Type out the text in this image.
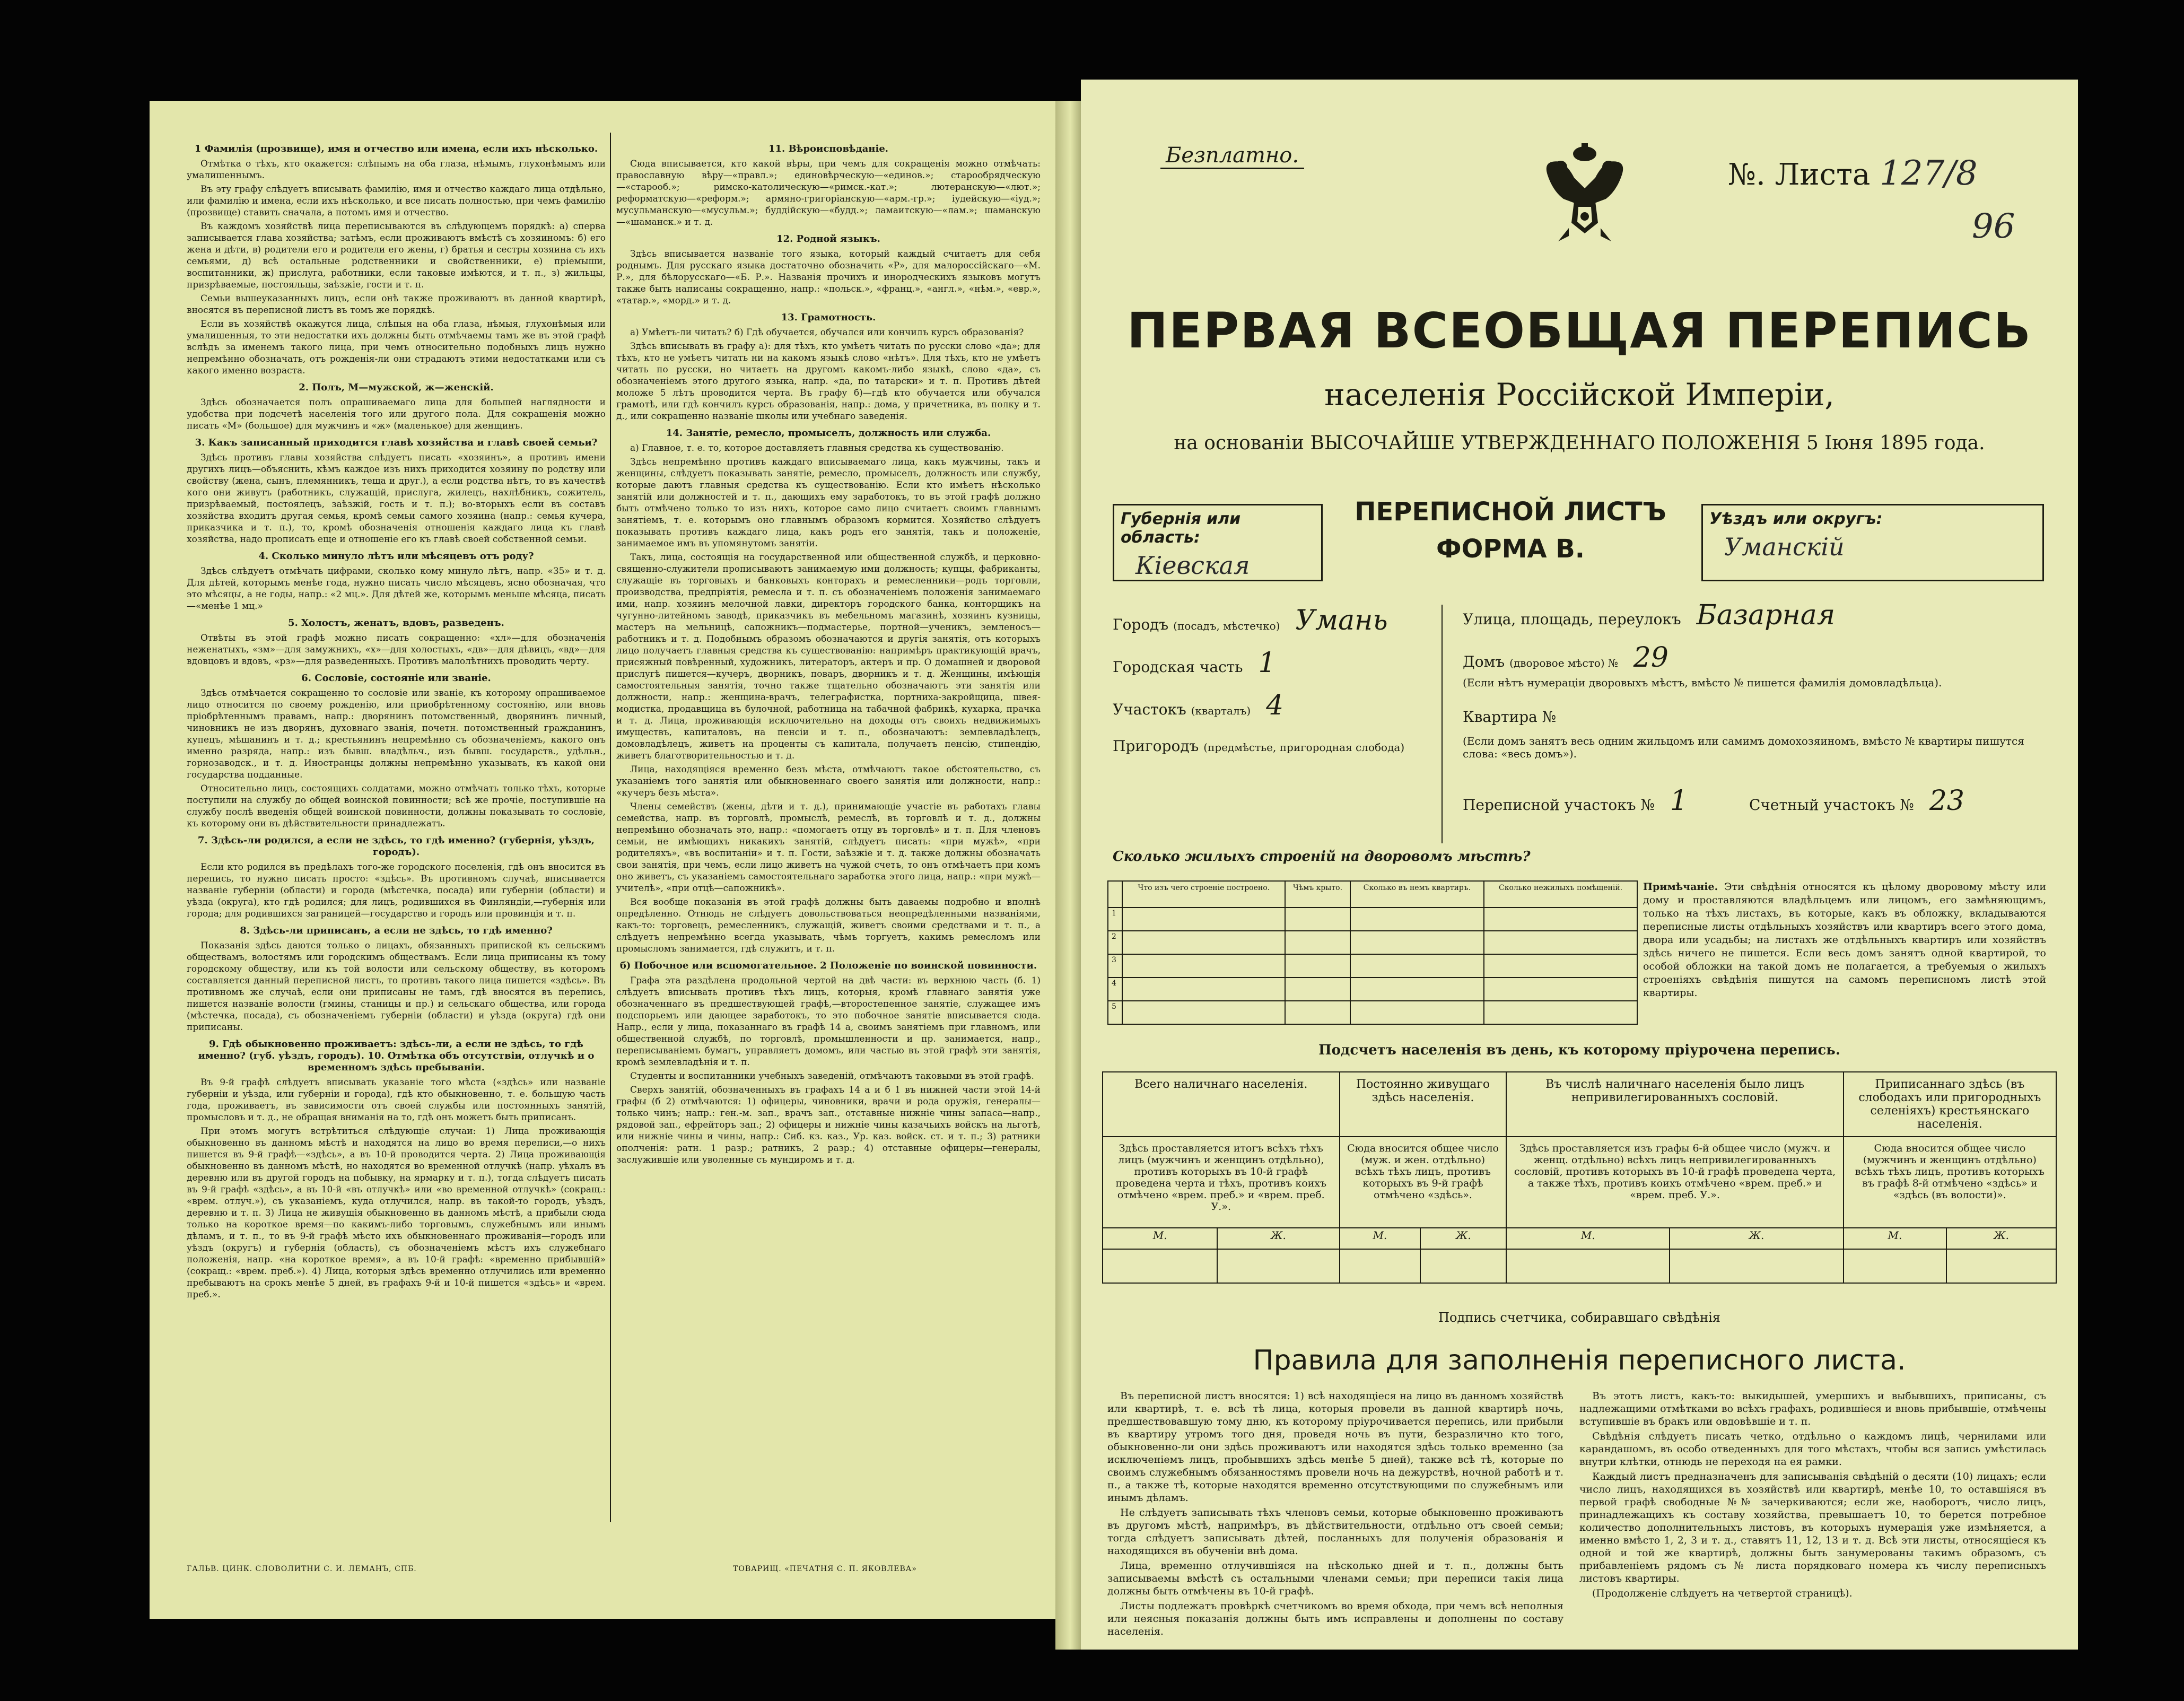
1 Фамилія (прозвище), имя и отчество или имена, если ихъ нѣсколько.

Отмѣтка о тѣхъ, кто окажется: слѣпымъ на оба глаза, нѣмымъ, глухонѣмымъ или умалишеннымъ.

Въ эту графу слѣдуетъ вписывать фамилію, имя и отчество каждаго лица отдѣльно, или фамилію и имена, если ихъ нѣсколько, и все писать полностью, при чемъ фамилію (прозвище) ставить сначала, а потомъ имя и отчество.

Въ каждомъ хозяйствѣ лица переписываются въ слѣдующемъ порядкѣ: а) сперва записывается глава хозяйства; затѣмъ, если проживаютъ вмѣстѣ съ хозяиномъ: б) его жена и дѣти, в) родители его и родители его жены, г) братья и сестры хозяина съ ихъ семьями, д) всѣ остальные родственники и свойственники, е) пріемыши, воспитанники, ж) прислуга, работники, если таковые имѣются, и т. п., з) жильцы, призрѣваемые, постояльцы, заѣзжіе, гости и т. п.

Семьи вышеуказанныхъ лицъ, если онѣ также проживаютъ въ данной квартирѣ, вносятся въ переписной листъ въ томъ же порядкѣ.

Если въ хозяйствѣ окажутся лица, слѣпыя на оба глаза, нѣмыя, глухонѣмыя или умалишенныя, то эти недостатки ихъ должны быть отмѣчаемы тамъ же въ этой графѣ вслѣдъ за именемъ такого лица, при чемъ относительно подобныхъ лицъ нужно непремѣнно обозначать, отъ рожденія-ли они страдаютъ этими недостатками или съ какого именно возраста.

2. Полъ, М—мужской, ж—женскій.

Здѣсь обозначается полъ опрашиваемаго лица для большей наглядности и удобства при подсчетѣ населенія того или другого пола. Для сокращенія можно писать «М» (большое) для мужчинъ и «ж» (маленькое) для женщинъ.

3. Какъ записанный приходится главѣ хозяйства и главѣ своей семьи?

Здѣсь противъ главы хозяйства слѣдуетъ писать «хозяинъ», а противъ имени другихъ лицъ—объяснить, кѣмъ каждое изъ нихъ приходится хозяину по родству или свойству (жена, сынъ, племянникъ, теща и друг.), а если родства нѣтъ, то въ качествѣ кого они живутъ (работникъ, служащій, прислуга, жилецъ, нахлѣбникъ, сожитель, призрѣваемый, постоялецъ, заѣзжій, гость и т. п.); во-вторыхъ если въ составъ хозяйства входитъ другая семья, кромѣ семьи самого хозяина (напр.: семья кучера, приказчика и т. п.), то, кромѣ обозначенія отношенія каждаго лица къ главѣ хозяйства, надо прописать еще и отношеніе его къ главѣ своей собственной семьи.

4. Сколько минуло лѣтъ или мѣсяцевъ отъ роду?

Здѣсь слѣдуетъ отмѣчать цифрами, сколько кому минуло лѣтъ, напр. «35» и т. д. Для дѣтей, которымъ менѣе года, нужно писать число мѣсяцевъ, ясно обозначая, что это мѣсяцы, а не годы, напр.: «2 мц.». Для дѣтей же, которымъ меньше мѣсяца, писать—«менѣе 1 мц.»

5. Холостъ, женатъ, вдовъ, разведенъ.

Отвѣты въ этой графѣ можно писать сокращенно: «хл»—для обозначенія неженатыхъ, «зм»—для замужнихъ, «х»—для холостыхъ, «дв»—для дѣвицъ, «вд»—для вдовцовъ и вдовъ, «рз»—для разведенныхъ. Противъ малолѣтнихъ проводить черту.

6. Сословіе, состояніе или званіе.

Здѣсь отмѣчается сокращенно то сословіе или званіе, къ которому опрашиваемое лицо относится по своему рожденію, или приобрѣтенному состоянію, или вновь пріобрѣтеннымъ правамъ, напр.: дворянинъ потомственный, дворянинъ личный, чиновникъ не изъ дворянъ, духовнаго званія, почетн. потомственный гражданинъ, купецъ, мѣщанинъ и т. д.; крестьянинъ непремѣнно съ обозначеніемъ, какого онъ именно разряда, напр.: изъ бывш. владѣльч., изъ бывш. государств., удѣльн., горнозаводск., и т. д. Иностранцы должны непремѣнно указывать, къ какой они государства подданные.

Относительно лицъ, состоящихъ солдатами, можно отмѣчать только тѣхъ, которые поступили на службу до общей воинской повинности; всѣ же прочіе, поступившіе на службу послѣ введенія общей воинской повинности, должны показывать то сословіе, къ которому они въ дѣйствительности принадлежатъ.

7. Здѣсь-ли родился, а если не здѣсь, то гдѣ именно? (губернія, уѣздъ, городъ).

Если кто родился въ предѣлахъ того-же городского поселенія, гдѣ онъ вносится въ перепись, то нужно писать просто: «здѣсь». Въ противномъ случаѣ, вписывается названіе губерніи (области) и города (мѣстечка, посада) или губерніи (области) и уѣзда (округа), кто гдѣ родился; для лицъ, родившихся въ Финляндіи,—губернія или города; для родившихся заграницей—государство и городъ или провинція и т. п.

8. Здѣсь-ли приписанъ, а если не здѣсь, то гдѣ именно?

Показанія здѣсь даются только о лицахъ, обязанныхъ припиской къ сельскимъ обществамъ, волостямъ или городскимъ обществамъ. Если лица приписаны къ тому городскому обществу, или къ той волости или сельскому обществу, въ которомъ составляется данный переписной листъ, то противъ такого лица пишется «здѣсь». Въ противномъ же случаѣ, если они приписаны не тамъ, гдѣ вносятся въ перепись, пишется названіе волости (гмины, станицы и пр.) и сельскаго общества, или города (мѣстечка, посада), съ обозначеніемъ губерніи (области) и уѣзда (округа) гдѣ они приписаны.

9. Гдѣ обыкновенно проживаетъ: здѣсь-ли, а если не здѣсь, то гдѣ именно? (губ. уѣздъ, городъ). 10. Отмѣтка объ отсутствіи, отлучкѣ и о временномъ здѣсь пребываніи.

Въ 9-й графѣ слѣдуетъ вписывать указаніе того мѣста («здѣсь» или названіе губерніи и уѣзда, или губерніи и города), гдѣ кто обыкновенно, т. е. большую часть года, проживаетъ, въ зависимости отъ своей службы или постоянныхъ занятій, промысловъ и т. д., не обращая вниманія на то, гдѣ онъ можетъ быть приписанъ.

При этомъ могутъ встрѣтиться слѣдующіе случаи: 1) Лица проживающія обыкновенно въ данномъ мѣстѣ и находятся на лицо во время переписи,—о нихъ пишется въ 9-й графѣ—«здѣсь», а въ 10-й проводится черта. 2) Лица проживающія обыкновенно въ данномъ мѣстѣ, но находятся во временной отлучкѣ (напр. уѣхалъ въ деревню или въ другой городъ на побывку, на ярмарку и т. п.), тогда слѣдуетъ писать въ 9-й графѣ «здѣсь», а въ 10-й «въ отлучкѣ» или «во временной отлучкѣ» (сокращ.: «врем. отлуч.»), съ указаніемъ, куда отлучился, напр. въ такой-то городъ, уѣздъ, деревню и т. п. 3) Лица не живущія обыкновенно въ данномъ мѣстѣ, а прибыли сюда только на короткое время—по какимъ-либо торговымъ, служебнымъ или инымъ дѣламъ, и т. п., то въ 9-й графѣ мѣсто ихъ обыкновеннаго проживанія—городъ или уѣздъ (округъ) и губернія (область), съ обозначеніемъ мѣстъ ихъ служебнаго положенія, напр. «на короткое время», а въ 10-й графѣ: «временно прибывшій» (сокращ.: «врем. преб.»). 4) Лица, которыя здѣсь временно отлучились или временно пребываютъ на срокъ менѣе 5 дней, въ графахъ 9-й и 10-й пишется «здѣсь» и «врем. преб.».

11. Вѣроисповѣданіе.

Сюда вписывается, кто какой вѣры, при чемъ для сокращенія можно отмѣчать: православную вѣру—«правл.»; единовѣрческую—«единов.»; старообрядческую—«старооб.»; римско-католическую—«римск.-кат.»; лютеранскую—«лют.»; реформатскую—«реформ.»; армяно-григоріанскую—«арм.-гр.»; іудейскую—«іуд.»; мусульманскую—«мусульм.»; буддійскую—«будд.»; ламаитскую—«лам.»; шаманскую—«шаманск.» и т. д.

12. Родной языкъ.

Здѣсь вписывается названіе того языка, который каждый считаетъ для себя роднымъ. Для русскаго языка достаточно обозначить «Р», для малороссійскаго—«М. Р.», для бѣлорусскаго—«Б. Р.». Названія прочихъ и инородческихъ языковъ могутъ также быть написаны сокращенно, напр.: «польск.», «франц.», «англ.», «нѣм.», «евр.», «татар.», «морд.» и т. д.

13. Грамотность.

а) Умѣетъ-ли читать? б) Гдѣ обучается, обучался или кончилъ курсъ образованія?

Здѣсь вписывать въ графу а): для тѣхъ, кто умѣетъ читать по русски слово «да»; для тѣхъ, кто не умѣетъ читать ни на какомъ языкѣ слово «нѣтъ». Для тѣхъ, кто не умѣетъ читать по русски, но читаетъ на другомъ какомъ-либо языкѣ, слово «да», съ обозначеніемъ этого другого языка, напр. «да, по татарски» и т. п. Противъ дѣтей моложе 5 лѣтъ проводится черта. Въ графу б)—гдѣ кто обучается или обучался грамотѣ, или гдѣ кончилъ курсъ образованія, напр.: дома, у причетника, въ полку и т. д., или сокращенно названіе школы или учебнаго заведенія.

14. Занятіе, ремесло, промыселъ, должность или служба.

а) Главное, т. е. то, которое доставляетъ главныя средства къ существованію.

Здѣсь непремѣнно противъ каждаго вписываемаго лица, какъ мужчины, такъ и женщины, слѣдуетъ показывать занятіе, ремесло, промыселъ, должность или службу, которые даютъ главныя средства къ существованію. Если кто имѣетъ нѣсколько занятій или должностей и т. п., дающихъ ему заработокъ, то въ этой графѣ должно быть отмѣчено только то изъ нихъ, которое само лицо считаетъ своимъ главнымъ занятіемъ, т. е. которымъ оно главнымъ образомъ кормится. Хозяйство слѣдуетъ показывать противъ каждаго лица, какъ родъ его занятія, такъ и положеніе, занимаемое имъ въ упомянутомъ занятіи.

Такъ, лица, состоящія на государственной или общественной службѣ, и церковно-священно-служители прописываютъ занимаемую ими должность; купцы, фабриканты, служащіе въ торговыхъ и банковыхъ конторахъ и ремесленники—родъ торговли, производства, предпріятія, ремесла и т. п. съ обозначеніемъ положенія занимаемаго ими, напр. хозяинъ мелочной лавки, директоръ городского банка, конторщикъ на чугунно-литейномъ заводѣ, приказчикъ въ мебельномъ магазинѣ, хозяинъ кузницы, мастеръ на мельницѣ, сапожникъ—подмастерье, портной—ученикъ, земленосъ—работникъ и т. д. Подобнымъ образомъ обозначаются и другія занятія, отъ которыхъ лицо получаетъ главныя средства къ существованію: напримѣръ практикующій врачъ, присяжный повѣренный, художникъ, литераторъ, актеръ и пр. О домашней и дворовой прислугѣ пишется—кучеръ, дворникъ, поваръ, дворникъ и т. д. Женщины, имѣющія самостоятельныя занятія, точно также тщательно обозначаютъ эти занятія или должности, напр.: женщина-врачъ, телеграфистка, портниха-закройщица, швея-модистка, продавщица въ булочной, работница на табачной фабрикѣ, кухарка, прачка и т. д. Лица, проживающія исключительно на доходы отъ своихъ недвижимыхъ имуществъ, капиталовъ, на пенсіи и т. п., обозначаютъ: землевладѣлецъ, домовладѣлецъ, живетъ на проценты съ капитала, получаетъ пенсію, стипендію, живетъ благотворительностью и т. д.

Лица, находящіяся временно безъ мѣста, отмѣчаютъ такое обстоятельство, съ указаніемъ того занятія или обыкновеннаго своего занятія или должности, напр.: «кучеръ безъ мѣста».

Члены семействъ (жены, дѣти и т. д.), принимающіе участіе въ работахъ главы семейства, напр. въ торговлѣ, промыслѣ, ремеслѣ, въ торговлѣ и т. д., должны непремѣнно обозначать это, напр.: «помогаетъ отцу въ торговлѣ» и т. п. Для членовъ семьи, не имѣющихъ никакихъ занятій, слѣдуетъ писать: «при мужѣ», «при родителяхъ», «въ воспитаніи» и т. п. Гости, заѣзжіе и т. д. также должны обозначать свои занятія, при чемъ, если лицо живетъ на чужой счетъ, то онъ отмѣчаетъ при комъ оно живетъ, съ указаніемъ самостоятельнаго заработка этого лица, напр.: «при мужѣ—учителѣ», «при отцѣ—сапожникѣ».

Вся вообще показанія въ этой графѣ должны быть даваемы подробно и вполнѣ опредѣленно. Отнюдь не слѣдуетъ довольствоваться неопредѣленными названіями, какъ-то: торговецъ, ремесленникъ, служащій, живетъ своими средствами и т. п., а слѣдуетъ непремѣнно всегда указывать, чѣмъ торгуетъ, какимъ ремесломъ или промысломъ занимается, гдѣ служитъ, и т. п.

б) Побочное или вспомогательное. 2 Положеніе по воинской повинности.

Графа эта раздѣлена продольной чертой на двѣ части: въ верхнюю часть (б. 1) слѣдуетъ вписывать противъ тѣхъ лицъ, которыя, кромѣ главнаго занятія уже обозначеннаго въ предшествующей графѣ,—второстепенное занятіе, служащее имъ подспорьемъ или дающее заработокъ, то это побочное занятіе вписывается сюда. Напр., если у лица, показаннаго въ графѣ 14 а, своимъ занятіемъ при главномъ, или общественной службѣ, по торговлѣ, промышленности и пр. занимается, напр., переписываніемъ бумагъ, управляетъ домомъ, или частью въ этой графѣ эти занятія, кромѣ землевладѣнія и т. п.

Студенты и воспитанники учебныхъ заведеній, отмѣчаютъ таковыми въ этой графѣ.

Сверхъ занятій, обозначенныхъ въ графахъ 14 а и б 1 въ нижней части этой 14-й графы (б 2) отмѣчаются: 1) офицеры, чиновники, врачи и рода оружія, генералы—только чинъ; напр.: ген.-м. зап., врачъ зап., отставные нижніе чины запаса—напр., рядовой зап., ефрейторъ зап.; 2) офицеры и нижніе чины казачьихъ войскъ на льготѣ, или нижніе чины и чины, напр.: Сиб. кз. каз., Ур. каз. войск. ст. и т. п.; 3) ратники ополченія: ратн. 1 разр.; ратникъ, 2 разр.; 4) отставные офицеры—генералы, заслужившіе или уволенные съ мундиромъ и т. д.

ГАЛЬВ. ЦИНК. СЛОВОЛИТНИ С. И. ЛЕМАНЪ, СПБ.	ТОВАРИЩ. «ПЕЧАТНЯ С. П. ЯКОВЛЕВА»
Безплатно.
№. Листа 127/8
96
ПЕРВАЯ ВСЕОБЩАЯ ПЕРЕПИСЬ
населенія Россійской Имперіи,
на основаніи ВЫСОЧАЙШЕ УТВЕРЖДЕННАГО ПОЛОЖЕНІЯ 5 Іюня 1895 года.
Губернія или область:
Кіевская
ПЕРЕПИСНОЙ ЛИСТЪ
ФОРМА В.
Уѣздъ или округъ:
Уманскій
Городъ (посадъ, мѣстечко) Умань
Городская часть 1
Участокъ (кварталъ) 4
Пригородъ (предмѣстье, пригородная слобода)
Улица, площадь, переулокъ Базарная
Домъ (дворовое мѣсто) № 29
(Если нѣтъ нумераціи дворовыхъ мѣстъ, вмѣсто № пишется фамилія домовладѣльца).
Квартира №
(Если домъ занятъ весь одним жильцомъ или самимъ домохозяиномъ, вмѣсто № квартиры пишутся слова: «весь домъ»).
Переписной участокъ № 1	Счетный участокъ № 23
Сколько жилыхъ строеній на дворовомъ мѣстѣ?
	Что изъ чего строеніе построено.	Чѣмъ крыто.	Сколько въ немъ квартиръ.	Сколько нежилыхъ помѣщеній.
1				
2				
3				
4				
5				
Примѣчаніе. Эти свѣдѣнія относятся къ цѣлому дворовому мѣсту или дому и проставляются владѣльцемъ или лицомъ, его замѣняющимъ, только на тѣхъ листахъ, въ которые, какъ въ обложку, вкладываются переписные листы отдѣльныхъ хозяйствъ или квартиръ всего этого дома, двора или усадьбы; на листахъ же отдѣльныхъ квартиръ или хозяйствъ здѣсь ничего не пишется. Если весь домъ занятъ одной квартирой, то особой обложки на такой домъ не полагается, а требуемыя о жилыхъ строеніяхъ свѣдѣнія пишутся на самомъ переписномъ листѣ этой квартиры.
Подсчетъ населенія въ день, къ которому пріурочена перепись.
Всего наличнаго населенія.		Постоянно живущаго здѣсь населенія.		Въ числѣ наличнаго населенія было лицъ непривилегированныхъ сословій.		Приписаннаго здѣсь (въ слободахъ или пригородныхъ селеніяхъ) крестьянскаго населенія.	
Здѣсь проставляется итогъ всѣхъ тѣхъ лицъ (мужчинъ и женщинъ отдѣльно), противъ которыхъ въ 10-й графѣ проведена черта и тѣхъ, противъ коихъ отмѣчено «врем. преб.» и «врем. преб. У.».		Сюда вносится общее число (муж. и жен. отдѣльно) всѣхъ тѣхъ лицъ, противъ которыхъ въ 9-й графѣ отмѣчено «здѣсь».		Здѣсь проставляется изъ графы 6-й общее число (мужч. и женщ. отдѣльно) всѣхъ лицъ непривилегированныхъ сословій, противъ которыхъ въ 10-й графѣ проведена черта, а также тѣхъ, противъ коихъ отмѣчено «врем. преб.» и «врем. преб. У.».		Сюда вносится общее число (мужчинъ и женщинъ отдѣльно) всѣхъ тѣхъ лицъ, противъ которыхъ въ графѣ 8-й отмѣчено «здѣсь» и «здѣсь (въ волости)».	
М.	Ж.	М.	Ж.	М.	Ж.	М.	Ж.

Подпись счетчика, собиравшаго свѣдѣнія
Правила для заполненія переписного листа.

Въ переписной листъ вносятся: 1) всѣ находящіеся на лицо въ данномъ хозяйствѣ или квартирѣ, т. е. всѣ тѣ лица, которыя провели въ данной квартирѣ ночь, предшествовавшую тому дню, къ которому пріурочивается перепись, или прибыли въ квартиру утромъ того дня, проведя ночь въ пути, безразлично кто того, обыкновенно-ли они здѣсь проживаютъ или находятся здѣсь только временно (за исключеніемъ лицъ, пробывшихъ здѣсь менѣе 5 дней), также всѣ тѣ, которые по своимъ служебнымъ обязанностямъ провели ночь на дежурствѣ, ночной работѣ и т. п., а также тѣ, которые находятся временно отсутствующими по служебнымъ или инымъ дѣламъ.

Не слѣдуетъ записывать тѣхъ членовъ семьи, которые обыкновенно проживаютъ въ другомъ мѣстѣ, напримѣръ, въ дѣйствительности, отдѣльно отъ своей семьи; тогда слѣдуетъ записывать дѣтей, посланныхъ для полученія образованія и находящихся въ обученіи внѣ дома.

Лица, временно отлучившіяся на нѣсколько дней и т. п., должны быть записываемы вмѣстѣ съ остальными членами семьи; при переписи такія лица должны быть отмѣчены въ 10-й графѣ.

Листы подлежатъ провѣркѣ счетчикомъ во время обхода, при чемъ всѣ неполныя или неясныя показанія должны быть имъ исправлены и дополнены по составу населенія.

Въ этотъ листъ, какъ-то: выкидышей, умершихъ и выбывшихъ, приписаны, съ надлежащими отмѣтками во всѣхъ графахъ, родившіеся и вновь прибывшіе, отмѣчены вступившіе въ бракъ или овдовѣвшіе и т. п.

Свѣдѣнія слѣдуетъ писать четко, отдѣльно о каждомъ лицѣ, чернилами или карандашомъ, въ особо отведенныхъ для того мѣстахъ, чтобы вся запись умѣстилась внутри клѣтки, отнюдь не переходя на ея рамки.

Каждый листъ предназначенъ для записыванія свѣдѣній о десяти (10) лицахъ; если число лицъ, находящихся въ хозяйствѣ или квартирѣ, менѣе 10, то оставшіяся въ первой графѣ свободные №№ зачеркиваются; если же, наоборотъ, число лицъ, принадлежащихъ къ составу хозяйства, превышаетъ 10, то берется потребное количество дополнительныхъ листовъ, въ которыхъ нумерація уже измѣняется, а именно вмѣсто 1, 2, 3 и т. д., ставятъ 11, 12, 13 и т. д. Всѣ эти листы, относящіеся къ одной и той же квартирѣ, должны быть занумерованы такимъ образомъ, съ прибавленіемъ рядомъ съ № листа порядковаго номера къ числу переписныхъ листовъ квартиры.

(Продолженіе слѣдуетъ на четвертой страницѣ).
